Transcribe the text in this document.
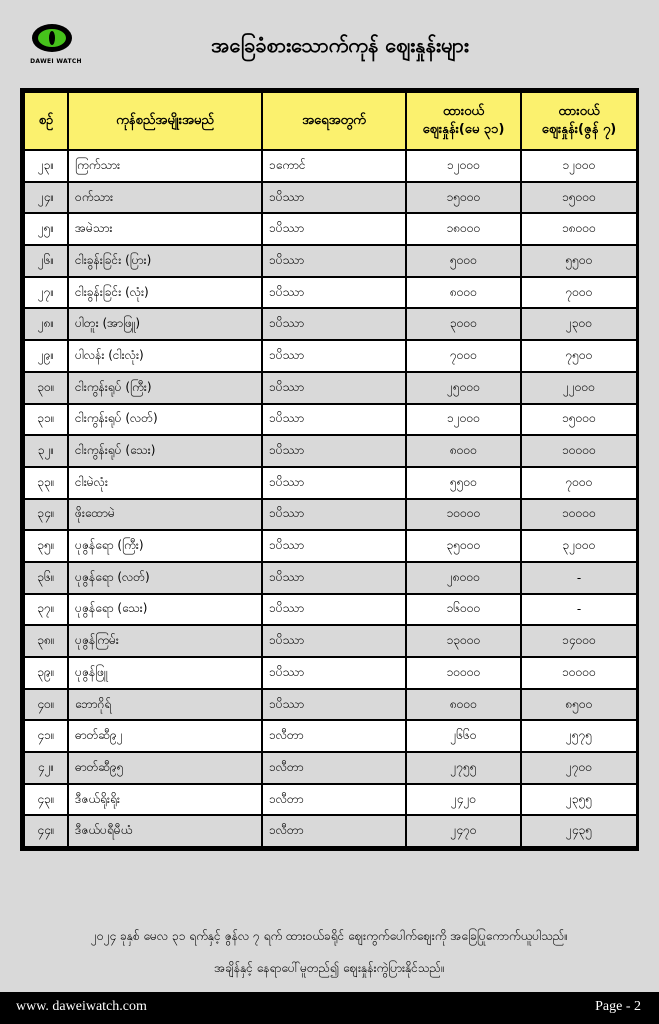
DAWEI WATCH
အခြေခံစားသောက်ကုန် ဈေးနှုန်းများ
စဉ်	ကုန်စည်အမျိုးအမည်	အရေအတွက်	ထားဝယ် ဈေးနှုန်း(မေ ၃၁)	ထားဝယ် ဈေးနှုန်း(ဇွန် ၇)
၂၃။	ကြက်သား	၁ကောင်	၁၂၀၀၀	၁၂၀၀၀
၂၄။	ဝက်သား	၁ပိဿာ	၁၅၀၀၀	၁၅၀၀၀
၂၅။	အမဲသား	၁ပိဿာ	၁၈၀၀၀	၁၈၀၀၀
၂၆။	ငါးခွန်းခြင်း (ပြား)	၁ပိဿာ	၅၀၀၀	၅၅၀၀
၂၇။	ငါးခွန်းခြင်း (လုံး)	၁ပိဿာ	၈၀၀၀	၇၀၀၀
၂၈။	ပါတူး (အာဖြူ)	၁ပိဿာ	၃၀၀၀	၂၃၀၀
၂၉။	ပါလန်း (ငါးလုံး)	၁ပိဿာ	၇၀၀၀	၇၅၀၀
၃၀။	ငါးကွန်းရုပ် (ကြီး)	၁ပိဿာ	၂၅၀၀၀	၂၂၀၀၀
၃၁။	ငါးကွန်းရုပ် (လတ်)	၁ပိဿာ	၁၂၀၀၀	၁၅၀၀၀
၃၂။	ငါးကွန်းရုပ် (သေး)	၁ပိဿာ	၈၀၀၀	၁၀၀၀၀
၃၃။	ငါးမဲလုံး	၁ပိဿာ	၅၅၀၀	၇၀၀၀
၃၄။	ဖိုးထောမဲ	၁ပိဿာ	၁၀၀၀၀	၁၀၀၀၀
၃၅။	ပုဇွန်ရော (ကြီး)	၁ပိဿာ	၃၅၀၀၀	၃၂၀၀၀
၃၆။	ပုဇွန်ရော (လတ်)	၁ပိဿာ	၂၈၀၀၀	-
၃၇။	ပုဇွန်ရော (သေး)	၁ပိဿာ	၁၆၀၀၀	-
၃၈။	ပုဇွန်ကြမ်း	၁ပိဿာ	၁၃၀၀၀	၁၄၀၀၀
၃၉။	ပုဇွန်ဖြူ	၁ပိဿာ	၁၀၀၀၀	၁၀၀၀၀
၄၀။	ဘောဂိုရ်	၁ပိဿာ	၈၀၀၀	၈၅၀၀
၄၁။	ဓာတ်ဆီ၉၂	၁လီတာ	၂၆၆၀	၂၅၇၅
၄၂။	ဓာတ်ဆီ၉၅	၁လီတာ	၂၇၅၅	၂၇၀၀
၄၃။	ဒီဇယ်ရိုးရိုး	၁လီတာ	၂၄၂၀	၂၃၅၅
၄၄။	ဒီဇယ်ပရီမီယံ	၁လီတာ	၂၄၇၀	၂၄၃၅
၂၀၂၄ ခုနှစ် မေလ ၃၁ ရက်နှင့် ဇွန်လ ၇ ရက် ထားဝယ်ခရိုင် ဈေးကွက်ပေါက်ဈေးကို အခြေပြုကောက်ယူပါသည်။
အချိန်နှင့် နေရာပေါ်မူတည်၍ ဈေးနှုန်းကွဲပြားနိုင်သည်။
www. daweiwatch.com	Page - 2
